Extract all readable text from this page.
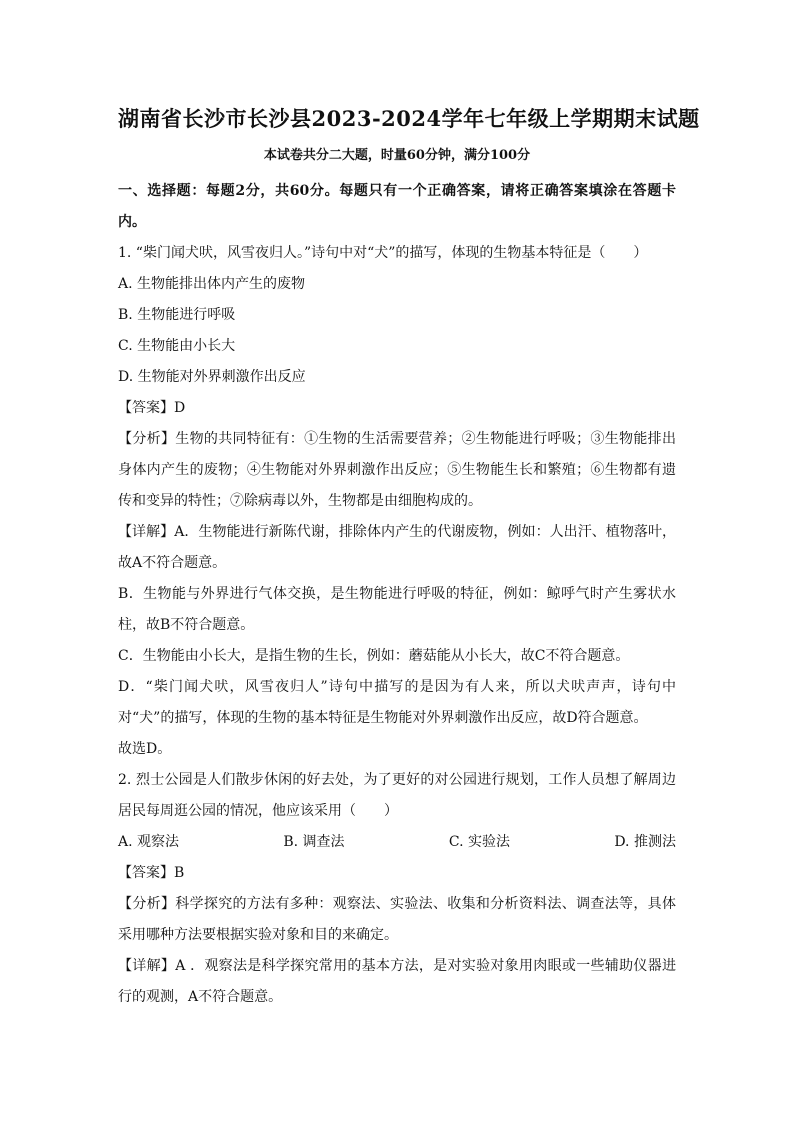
湖南省长沙市长沙县2023-2024学年七年级上学期期末试题

本试卷共分二大题，时量60分钟，满分100分

一、选择题：每题2分，共60分。每题只有一个正确答案，请将正确答案填涂在答题卡内。

1. “柴门闻犬吠，风雪夜归人。”诗句中对“犬”的描写，体现的生物基本特征是（　　）

A. 生物能排出体内产生的废物

B. 生物能进行呼吸

C. 生物能由小长大

D. 生物能对外界刺激作出反应

【答案】D

【分析】生物的共同特征有：①生物的生活需要营养；②生物能进行呼吸；③生物能排出身体内产生的废物；④生物能对外界刺激作出反应；⑤生物能生长和繁殖；⑥生物都有遗传和变异的特性；⑦除病毒以外，生物都是由细胞构成的。

【详解】A．生物能进行新陈代谢，排除体内产生的代谢废物，例如：人出汗、植物落叶，故A不符合题意。

B．生物能与外界进行气体交换，是生物能进行呼吸的特征，例如：鲸呼气时产生雾状水柱，故B不符合题意。

C．生物能由小长大，是指生物的生长，例如：蘑菇能从小长大，故C不符合题意。

D．“柴门闻犬吠，风雪夜归人”诗句中描写的是因为有人来，所以犬吠声声，诗句中对“犬”的描写，体现的生物的基本特征是生物能对外界刺激作出反应，故D符合题意。

故选D。

2. 烈士公园是人们散步休闲的好去处，为了更好的对公园进行规划，工作人员想了解周边居民每周逛公园的情况，他应该采用（　　）

A. 观察法	B. 调查法	C. 实验法	D. 推测法

【答案】B

【分析】科学探究的方法有多种：观察法、实验法、收集和分析资料法、调查法等，具体采用哪种方法要根据实验对象和目的来确定。

【详解】A ．观察法是科学探究常用的基本方法，是对实验对象用肉眼或一些辅助仪器进行的观测，A不符合题意。
